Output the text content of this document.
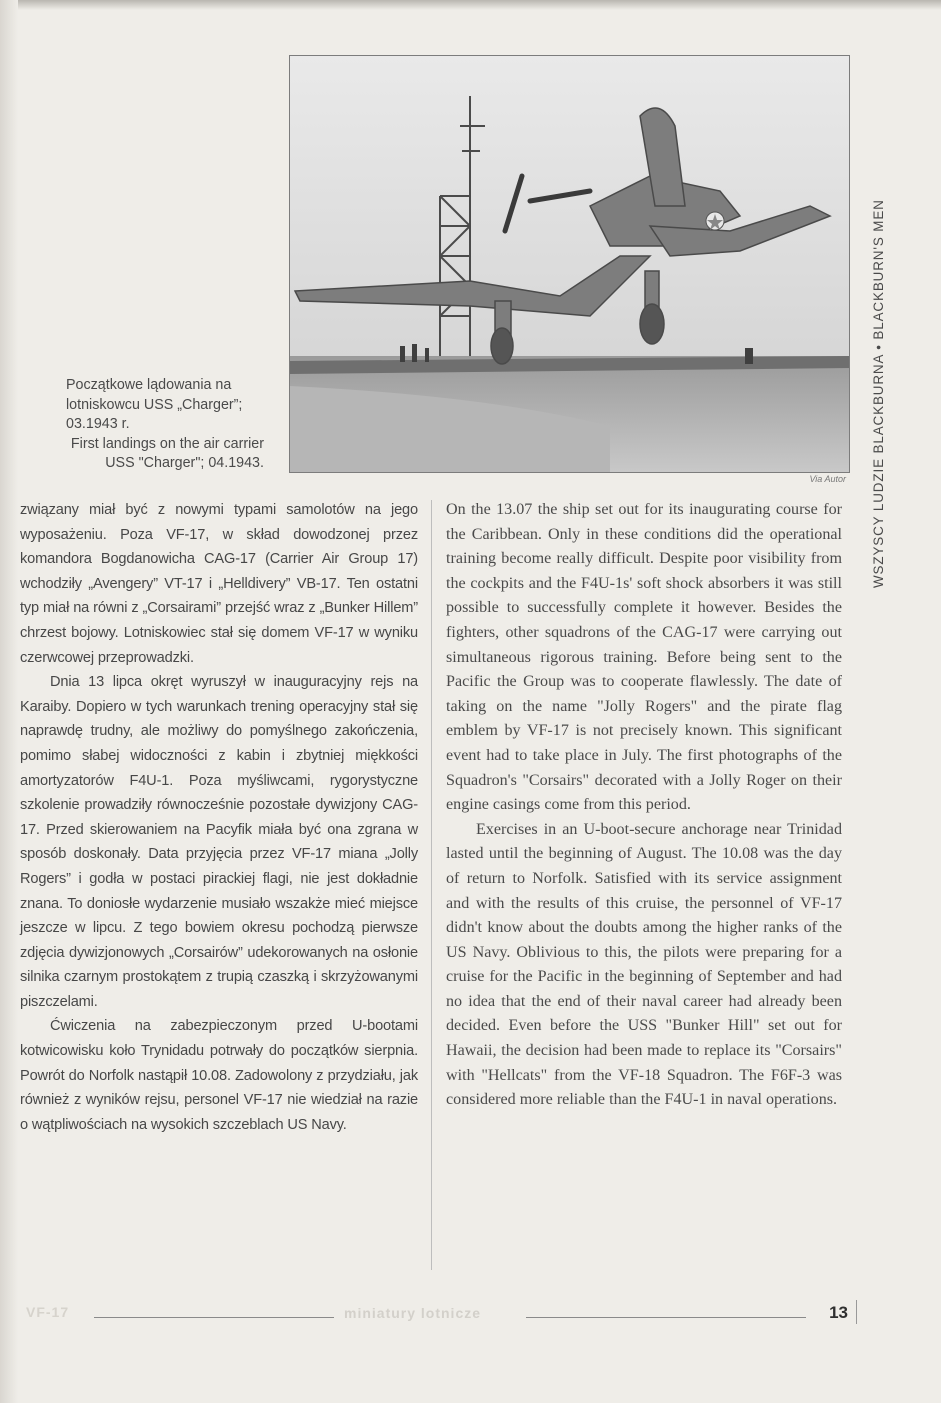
Początkowe lądowania na lotniskowcu USS „Charger”; 03.1943 r.

First landings on the air carrier USS "Charger"; 04.1943.

Via Autor WSZYSCY LUDZIE BLACKBURNA • BLACKBURN'S MEN

związany miał być z nowymi typami samolotów na jego wyposażeniu. Poza VF-17, w skład dowodzonej przez komandora Bogdanowicha CAG-17 (Carrier Air Group 17) wchodziły „Avengery” VT-17 i „Helldivery” VB-17. Ten ostatni typ miał na równi z „Corsairami” przejść wraz z „Bunker Hillem” chrzest bojowy. Lotniskowiec stał się domem VF-17 w wyniku czerwcowej przeprowadzki.

Dnia 13 lipca okręt wyruszył w inauguracyjny rejs na Karaiby. Dopiero w tych warunkach trening operacyjny stał się naprawdę trudny, ale możliwy do pomyślnego zakończenia, pomimo słabej widoczności z kabin i zbytniej miękkości amortyzatorów F4U-1. Poza myśliwcami, rygorystyczne szkolenie prowadziły równocześnie pozostałe dywizjony CAG-17. Przed skierowaniem na Pacyfik miała być ona zgrana w sposób doskonały. Data przyjęcia przez VF-17 miana „Jolly Rogers” i godła w postaci pirackiej flagi, nie jest dokładnie znana. To doniosłe wydarzenie musiało wszakże mieć miejsce jeszcze w lipcu. Z tego bowiem okresu pochodzą pierwsze zdjęcia dywizjonowych „Corsairów” udekorowanych na osłonie silnika czarnym prostokątem z trupią czaszką i skrzyżowanymi piszczelami.

Ćwiczenia na zabezpieczonym przed U-bootami kotwicowisku koło Trynidadu potrwały do początków sierpnia. Powrót do Norfolk nastąpił 10.08. Zadowolony z przydziału, jak również z wyników rejsu, personel VF-17 nie wiedział na razie o wątpliwościach na wysokich szczeblach US Navy.

On the 13.07 the ship set out for its inaugurating course for the Caribbean. Only in these conditions did the operational training become really difficult. Despite poor visibility from the cockpits and the F4U-1s' soft shock absorbers it was still possible to successfully complete it however. Besides the fighters, other squadrons of the CAG-17 were carrying out simultaneous rigorous training. Before being sent to the Pacific the Group was to cooperate flawlessly. The date of taking on the name "Jolly Rogers" and the pirate flag emblem by VF-17 is not precisely known. This significant event had to take place in July. The first photographs of the Squadron's "Corsairs" decorated with a Jolly Roger on their engine casings come from this period.

Exercises in an U-boot-secure anchorage near Trinidad lasted until the beginning of August. The 10.08 was the day of return to Norfolk. Satisfied with its service assignment and with the results of this cruise, the personnel of VF-17 didn't know about the doubts among the higher ranks of the US Navy. Oblivious to this, the pilots were preparing for a cruise for the Pacific in the beginning of September and had no idea that the end of their naval career had already been decided. Even before the USS "Bunker Hill" set out for Hawaii, the decision had been made to replace its "Corsairs" with "Hellcats" from the VF-18 Squadron. The F6F-3 was considered more reliable than the F4U-1 in naval operations.

VF-17	miniatury lotnicze	13
